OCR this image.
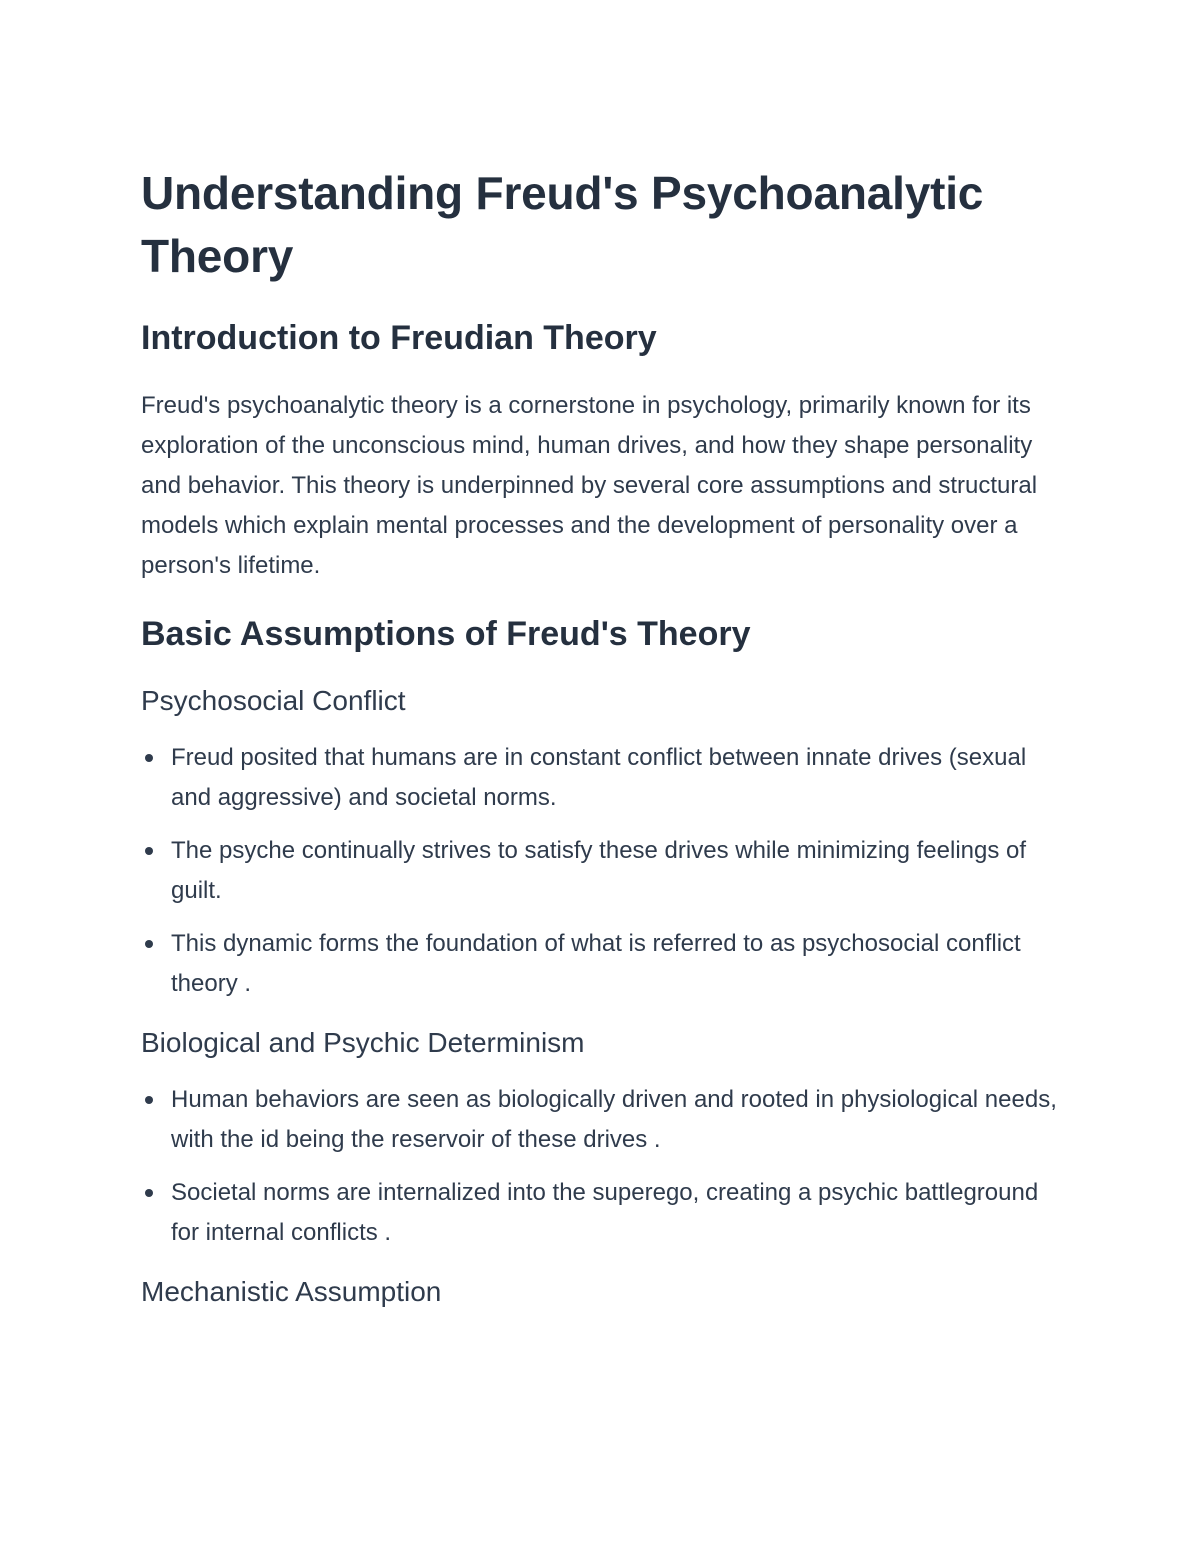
Understanding Freud's Psychoanalytic Theory
Introduction to Freudian Theory

Freud's psychoanalytic theory is a cornerstone in psychology, primarily known for its exploration of the unconscious mind, human drives, and how they shape personality and behavior. This theory is underpinned by several core assumptions and structural models which explain mental processes and the development of personality over a person's lifetime.

Basic Assumptions of Freud's Theory
Psychosocial Conflict
Freud posited that humans are in constant conflict between innate drives (sexual and aggressive) and societal norms.
The psyche continually strives to satisfy these drives while minimizing feelings of guilt.
This dynamic forms the foundation of what is referred to as psychosocial conflict theory .
Biological and Psychic Determinism
Human behaviors are seen as biologically driven and rooted in physiological needs, with the id being the reservoir of these drives .
Societal norms are internalized into the superego, creating a psychic battleground for internal conflicts .
Mechanistic Assumption
